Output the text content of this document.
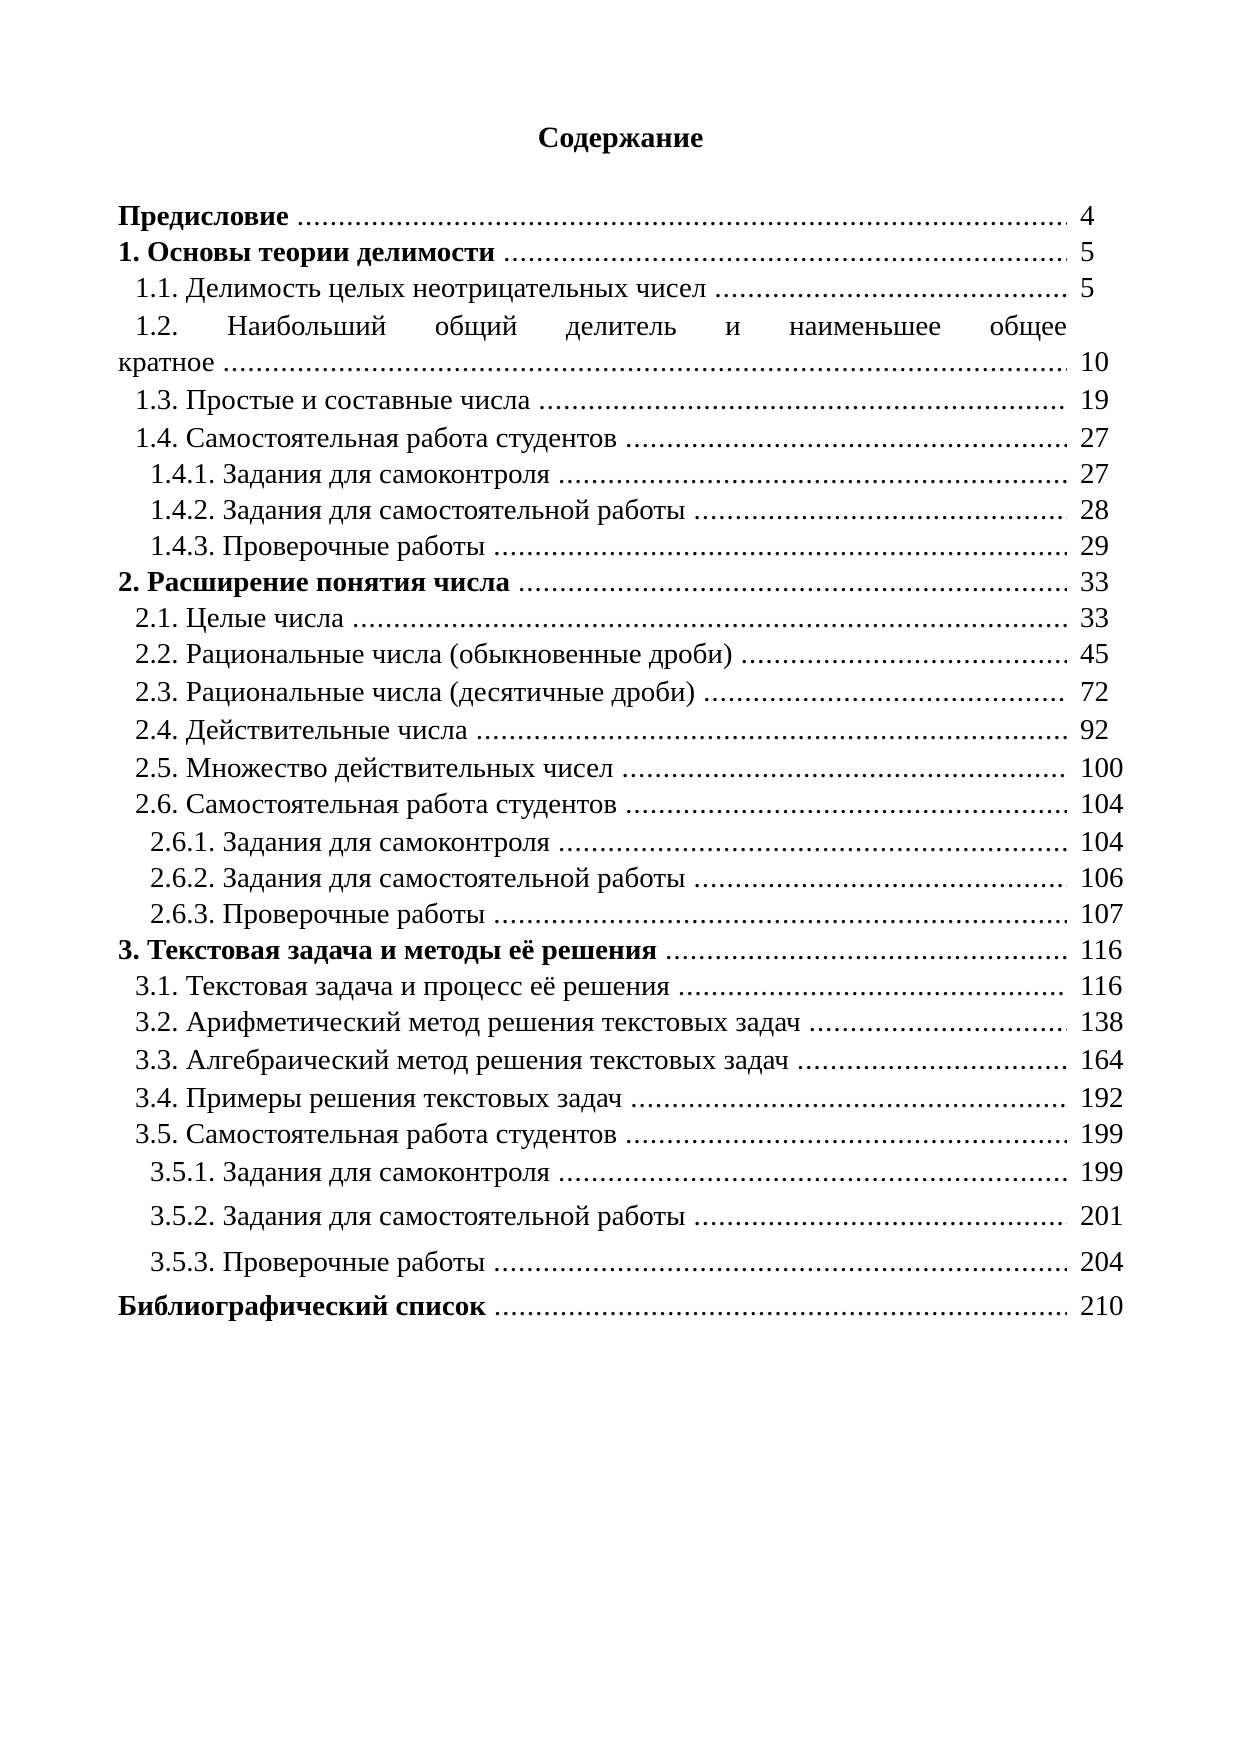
Содержание
Предисловие .....	4
1. Основы теории делимости .....	5
1.1. Делимость целых неотрицательных чисел .....	5
1.2. Наибольший общий делитель и наименьшее общее
кратное .....	10
1.3. Простые и составные числа .....	19
1.4. Самостоятельная работа студентов .....	27
1.4.1. Задания для самоконтроля .....	27
1.4.2. Задания для самостоятельной работы .....	28
1.4.3. Проверочные работы .....	29
2. Расширение понятия числа .....	33
2.1. Целые числа .....	33
2.2. Рациональные числа (обыкновенные дроби) .....	45
2.3. Рациональные числа (десятичные дроби) .....	72
2.4. Действительные числа .....	92
2.5. Множество действительных чисел .....	100
2.6. Самостоятельная работа студентов .....	104
2.6.1. Задания для самоконтроля .....	104
2.6.2. Задания для самостоятельной работы .....	106
2.6.3. Проверочные работы .....	107
3. Текстовая задача и методы её решения .....	116
3.1. Текстовая задача и процесс её решения .....	116
3.2. Арифметический метод решения текстовых задач .....	138
3.3. Алгебраический метод решения текстовых задач .....	164
3.4. Примеры решения текстовых задач .....	192
3.5. Самостоятельная работа студентов .....	199
3.5.1. Задания для самоконтроля .....	199
3.5.2. Задания для самостоятельной работы .....	201
3.5.3. Проверочные работы .....	204
Библиографический список .....	210
